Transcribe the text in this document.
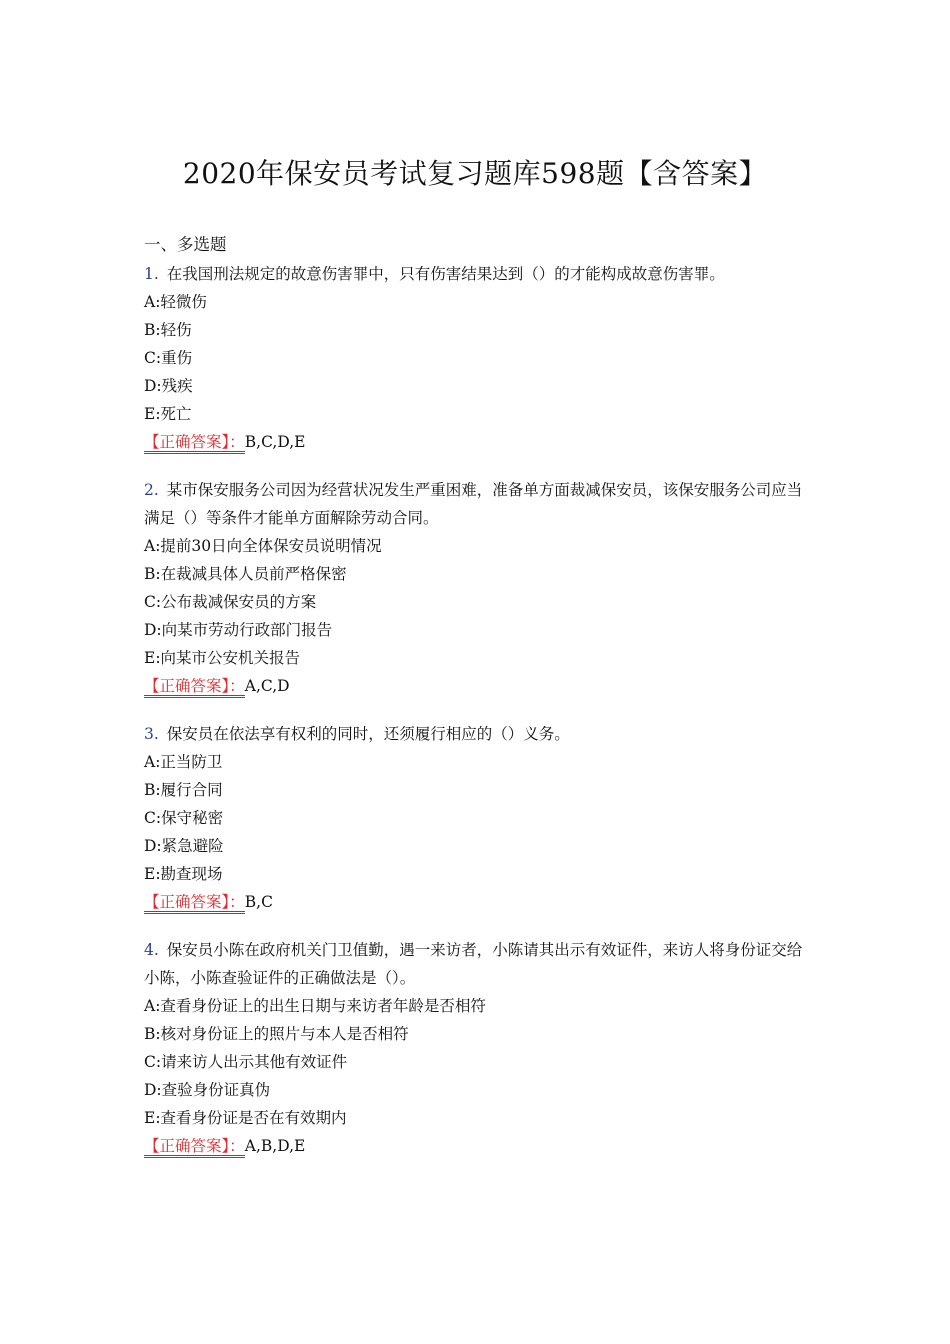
2020年保安员考试复习题库598题【含答案】
一、多选题
1. 在我国刑法规定的故意伤害罪中，只有伤害结果达到（）的才能构成故意伤害罪。
A:轻微伤
B:轻伤
C:重伤
D:残疾
E:死亡
【正确答案】：B,C,D,E
2. 某市保安服务公司因为经营状况发生严重困难，准备单方面裁减保安员，该保安服务公司应当满足（）等条件才能单方面解除劳动合同。
A:提前30日向全体保安员说明情况
B:在裁减具体人员前严格保密
C:公布裁减保安员的方案
D:向某市劳动行政部门报告
E:向某市公安机关报告
【正确答案】：A,C,D
3. 保安员在依法享有权利的同时，还须履行相应的（）义务。
A:正当防卫
B:履行合同
C:保守秘密
D:紧急避险
E:勘查现场
【正确答案】：B,C
4. 保安员小陈在政府机关门卫值勤，遇一来访者，小陈请其出示有效证件，来访人将身份证交给小陈，小陈查验证件的正确做法是（）。
A:查看身份证上的出生日期与来访者年龄是否相符
B:核对身份证上的照片与本人是否相符
C:请来访人出示其他有效证件
D:查验身份证真伪
E:查看身份证是否在有效期内
【正确答案】：A,B,D,E
